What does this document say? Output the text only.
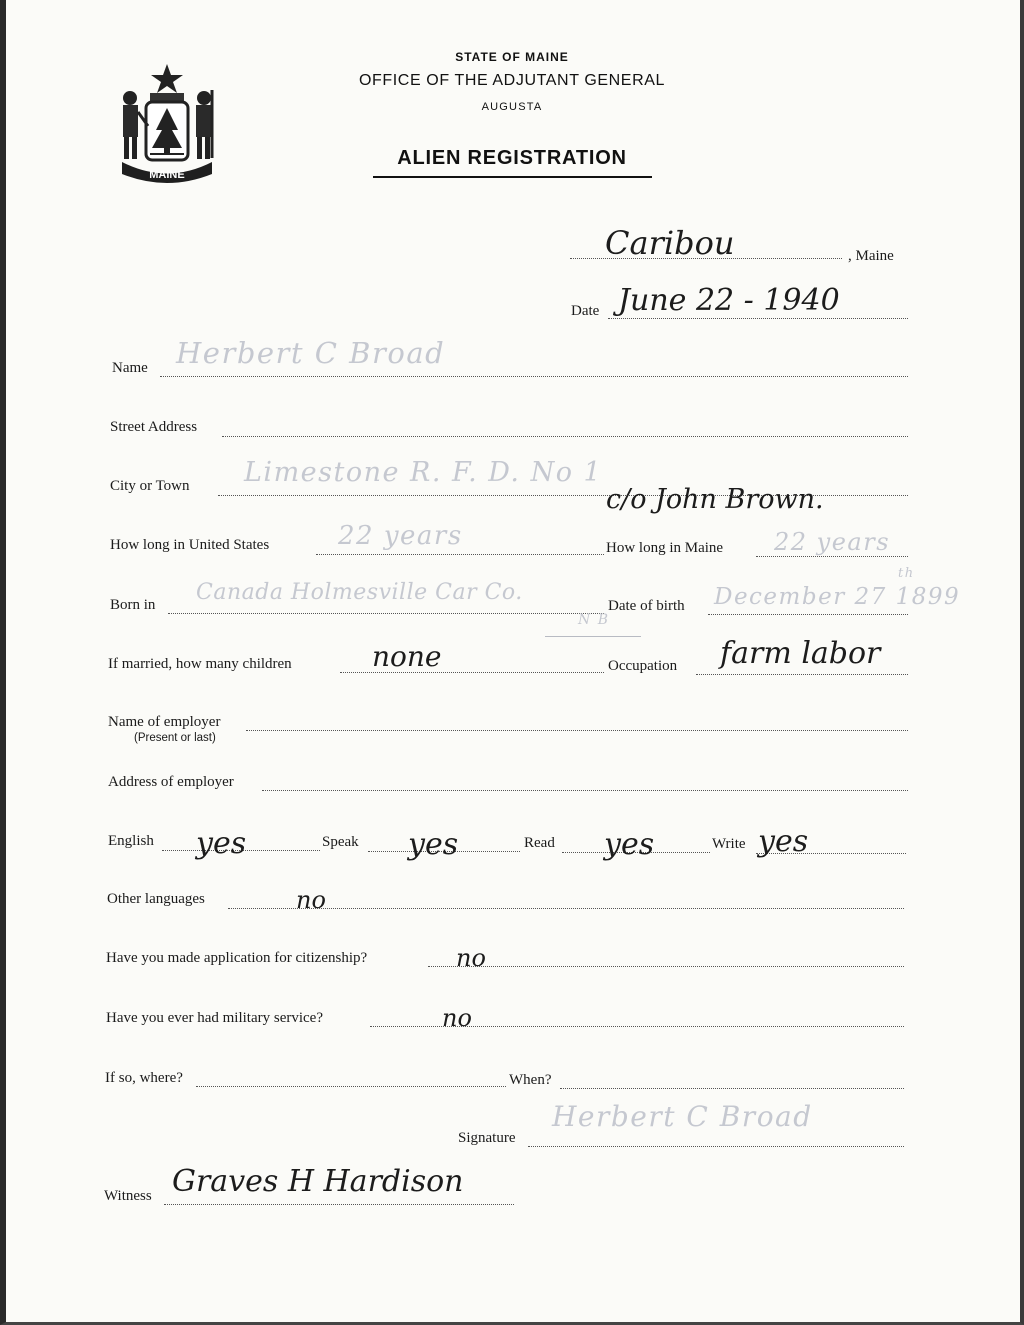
MAINE
STATE OF MAINE
OFFICE OF THE ADJUTANT GENERAL
AUGUSTA
ALIEN REGISTRATION
Caribou	, Maine
Date June 22 - 1940
Name Herbert C Broad
Street Address
City or Town Limestone R. F. D. No 1
c/o John Brown.
How long in United States	22 years	How long in Maine 22 years
Born in Canada Holmesville Car Co.
N B
Date of birth December 27 1899
th
If married, how many children	none	Occupation farm labor
Name of employer
(Present or last)
Address of employer
English yes	Speak yes	Read yes	Write yes
Other languages	no
Have you made application for citizenship?	no
Have you ever had military service?	no
If so, where?	When?
Signature
Herbert C Broad
Witness Graves H Hardison
